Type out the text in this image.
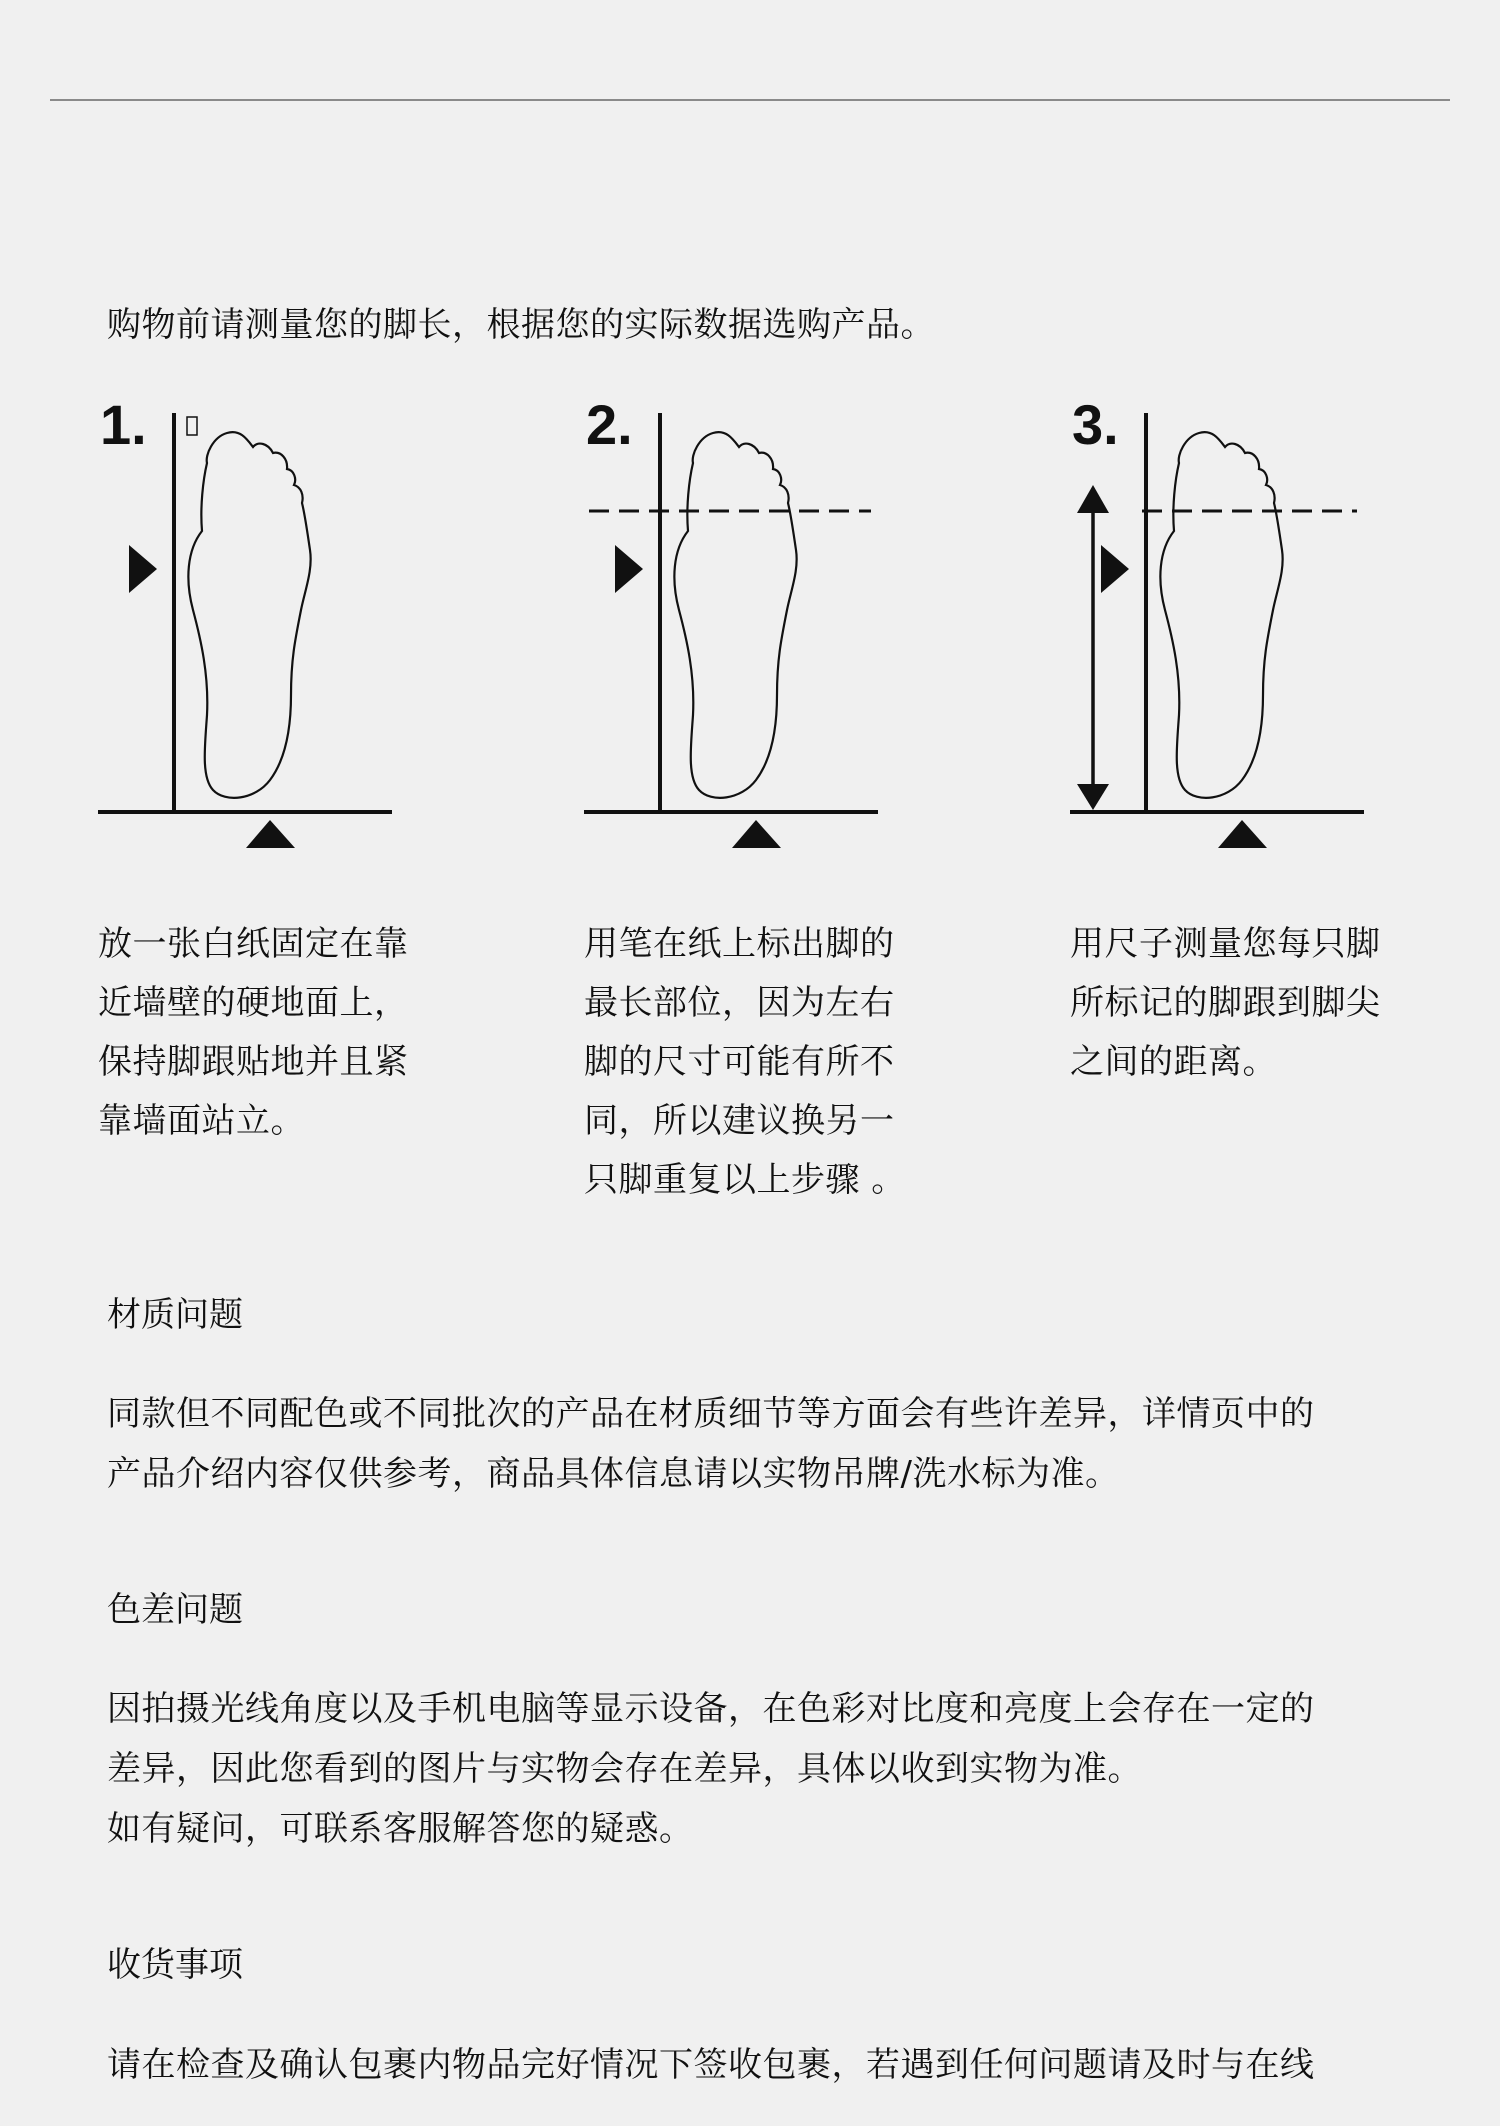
购物前请测量您的脚长，根据您的实际数据选购产品。

1.

放一张白纸固定在靠
近墙壁的硬地面上，
保持脚跟贴地并且紧
靠墙面站立。

2.

用笔在纸上标出脚的
最长部位，因为左右
脚的尺寸可能有所不
同，所以建议换另一
只脚重复以上步骤 。

3.

用尺子测量您每只脚
所标记的脚跟到脚尖
之间的距离。

材质问题

同款但不同配色或不同批次的产品在材质细节等方面会有些许差异，详情页中的
产品介绍内容仅供参考，商品具体信息请以实物吊牌/洗水标为准。

色差问题

因拍摄光线角度以及手机电脑等显示设备，在色彩对比度和亮度上会存在一定的
差异，因此您看到的图片与实物会存在差异，具体以收到实物为准。
如有疑问，可联系客服解答您的疑惑。

收货事项

请在检查及确认包裹内物品完好情况下签收包裹，若遇到任何问题请及时与在线
